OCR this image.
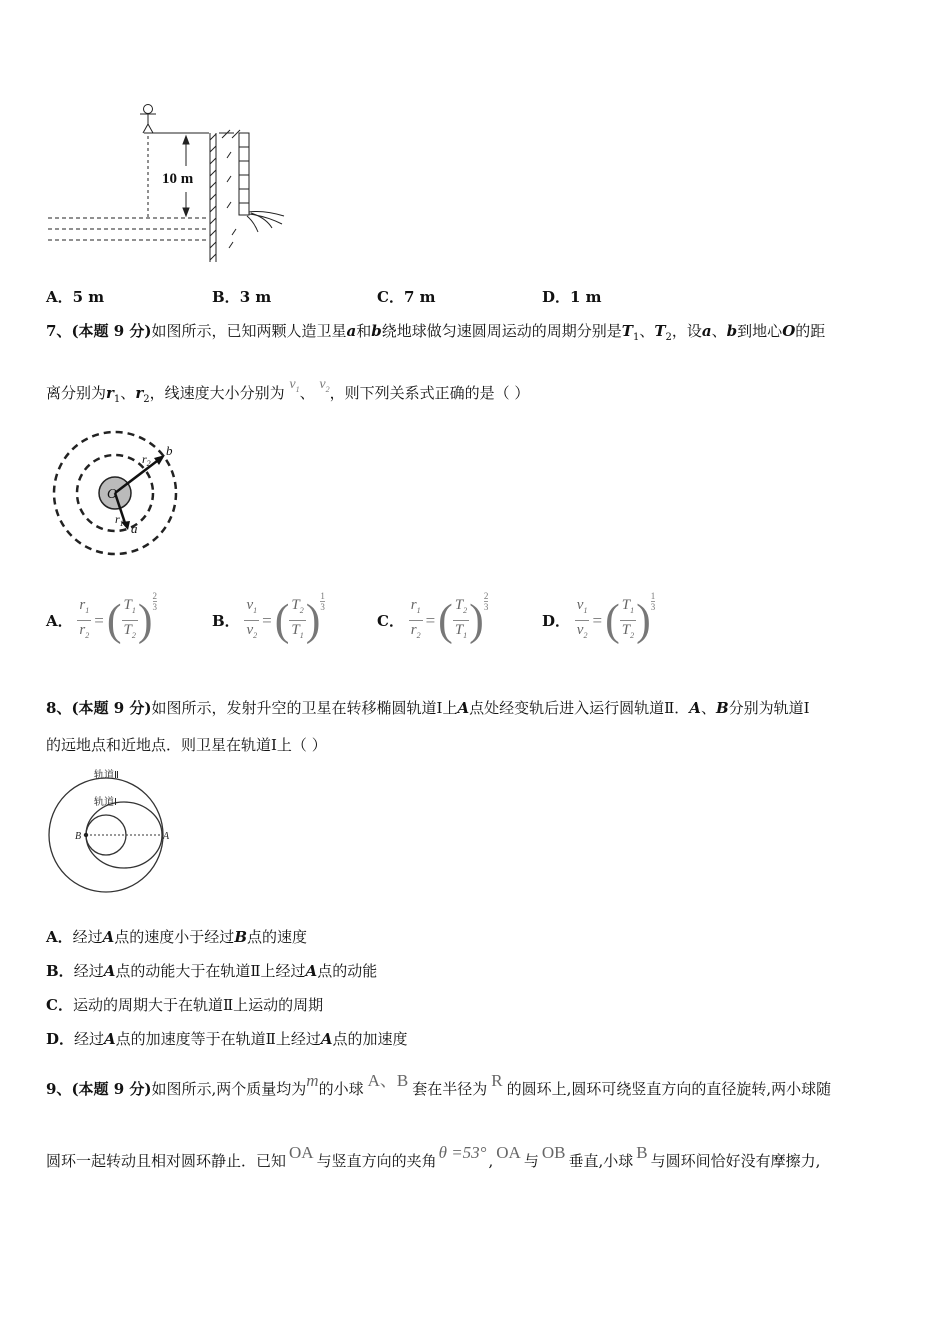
10 m
A．5 m	B．3 m	C．7 m	D．1 m
7、(本题 9 分)如图所示，已知两颗人造卫星a和b绕地球做匀速圆周运动的周期分别是$T_1$、$T_2$，设a、b到地心O的距
离分别为$r_1$、$r_2$，线速度大小分别为 $v_1$、 $v_2$，则下列关系式正确的是（ ）
O
$r_2$
b
$r_1$ a
A． $\frac{r_1}{r_2}$ =( $\frac{T_1}{T_2}$ ) $\frac{2}{3}$
B． $\frac{v_1}{v_2}$ =( $\frac{T_2}{T_1}$ ) $\frac{1}{3}$
C． $\frac{r_1}{r_2}$ =( $\frac{T_2}{T_1}$ ) $\frac{2}{3}$
D． $\frac{v_1}{v_2}$ =( $\frac{T_1}{T_2}$ ) $\frac{1}{3}$
8、(本题 9 分)如图所示，发射升空的卫星在转移椭圆轨道Ⅰ上A点处经变轨后进入运行圆轨道Ⅱ．A、B分别为轨道Ⅰ
的远地点和近地点．则卫星在轨道Ⅰ上（ ）
轨道Ⅱ
轨道Ⅰ
B	A
A．经过A点的速度小于经过B点的速度
B．经过A点的动能大于在轨道Ⅱ上经过A点的动能
C．运动的周期大于在轨道Ⅱ上运动的周期
D．经过A点的加速度等于在轨道Ⅱ上经过A点的加速度
9、(本题 9 分)如图所示,两个质量均为m的小球 A、B 套在半径为 R 的圆环上,圆环可绕竖直方向的直径旋转,两小球随
圆环一起转动且相对圆环静止．已知 OA 与竖直方向的夹角 θ =53° , OA 与 OB 垂直,小球 B 与圆环间恰好没有摩擦力,
